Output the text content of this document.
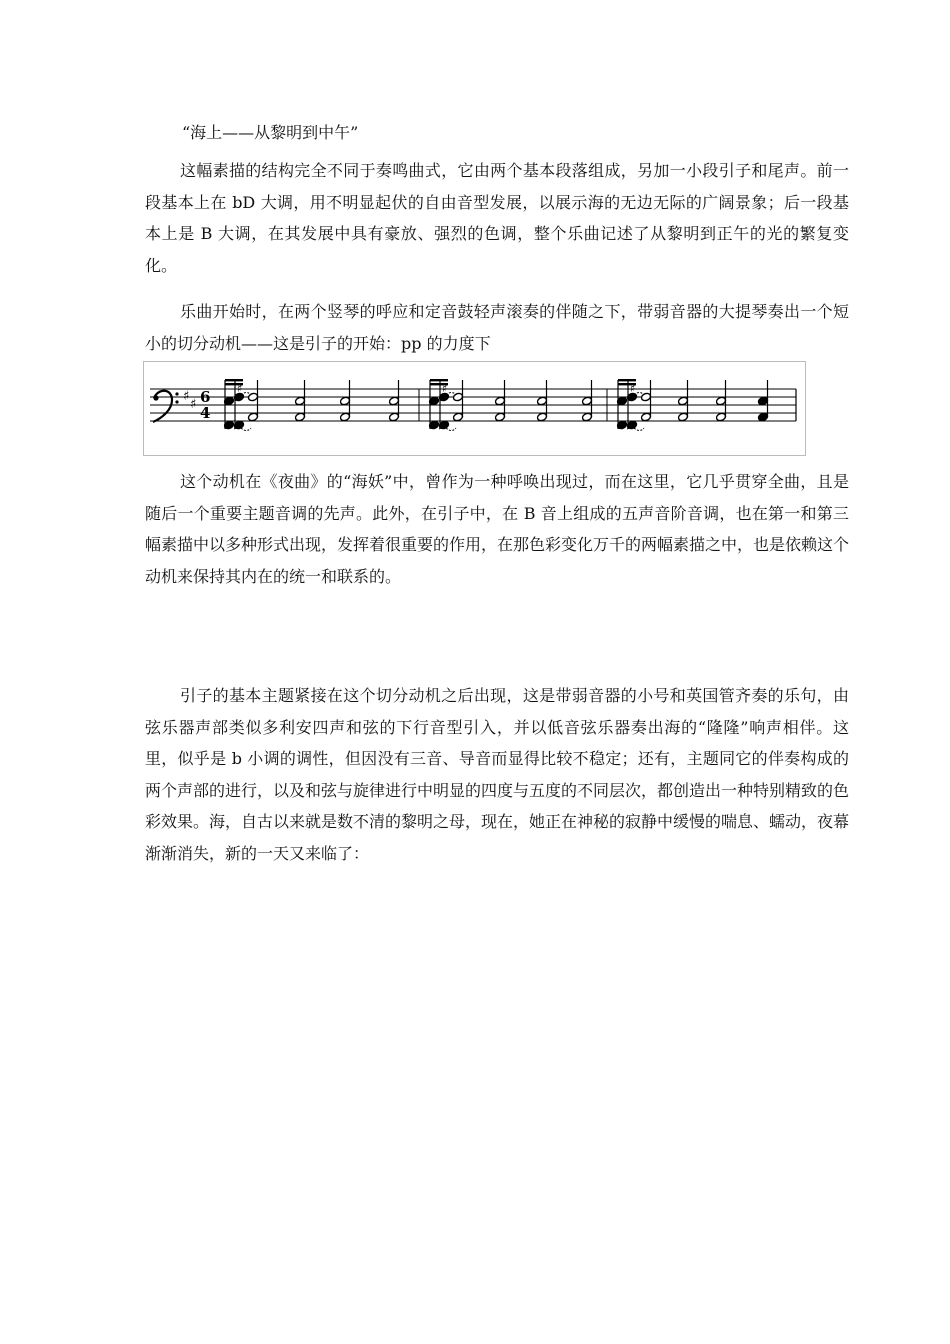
“海上——从黎明到中午”

这幅素描的结构完全不同于奏鸣曲式，它由两个基本段落组成，另加一小段引子和尾声。前一段基本上在 bD 大调，用不明显起伏的自由音型发展，以展示海的无边无际的广阔景象；后一段基本上是 B 大调，在其发展中具有豪放、强烈的色调，整个乐曲记述了从黎明到正午的光的繁复变化。

乐曲开始时，在两个竖琴的呼应和定音鼓轻声滚奏的伴随之下，带弱音器的大提琴奏出一个短小的切分动机——这是引子的开始：pp 的力度下

♯
♯ 6
4
♯
♯
♯
♯
♯
♯

这个动机在《夜曲》的“海妖”中，曾作为一种呼唤出现过，而在这里，它几乎贯穿全曲，且是随后一个重要主题音调的先声。此外，在引子中，在 B 音上组成的五声音阶音调，也在第一和第三幅素描中以多种形式出现，发挥着很重要的作用，在那色彩变化万千的两幅素描之中，也是依赖这个动机来保持其内在的统一和联系的。

引子的基本主题紧接在这个切分动机之后出现，这是带弱音器的小号和英国管齐奏的乐句，由弦乐器声部类似多利安四声和弦的下行音型引入，并以低音弦乐器奏出海的“隆隆”响声相伴。这里，似乎是 b 小调的调性，但因没有三音、导音而显得比较不稳定；还有，主题同它的伴奏构成的两个声部的进行，以及和弦与旋律进行中明显的四度与五度的不同层次，都创造出一种特别精致的色彩效果。海，自古以来就是数不清的黎明之母，现在，她正在神秘的寂静中缓慢的喘息、蠕动，夜幕渐渐消失，新的一天又来临了：
